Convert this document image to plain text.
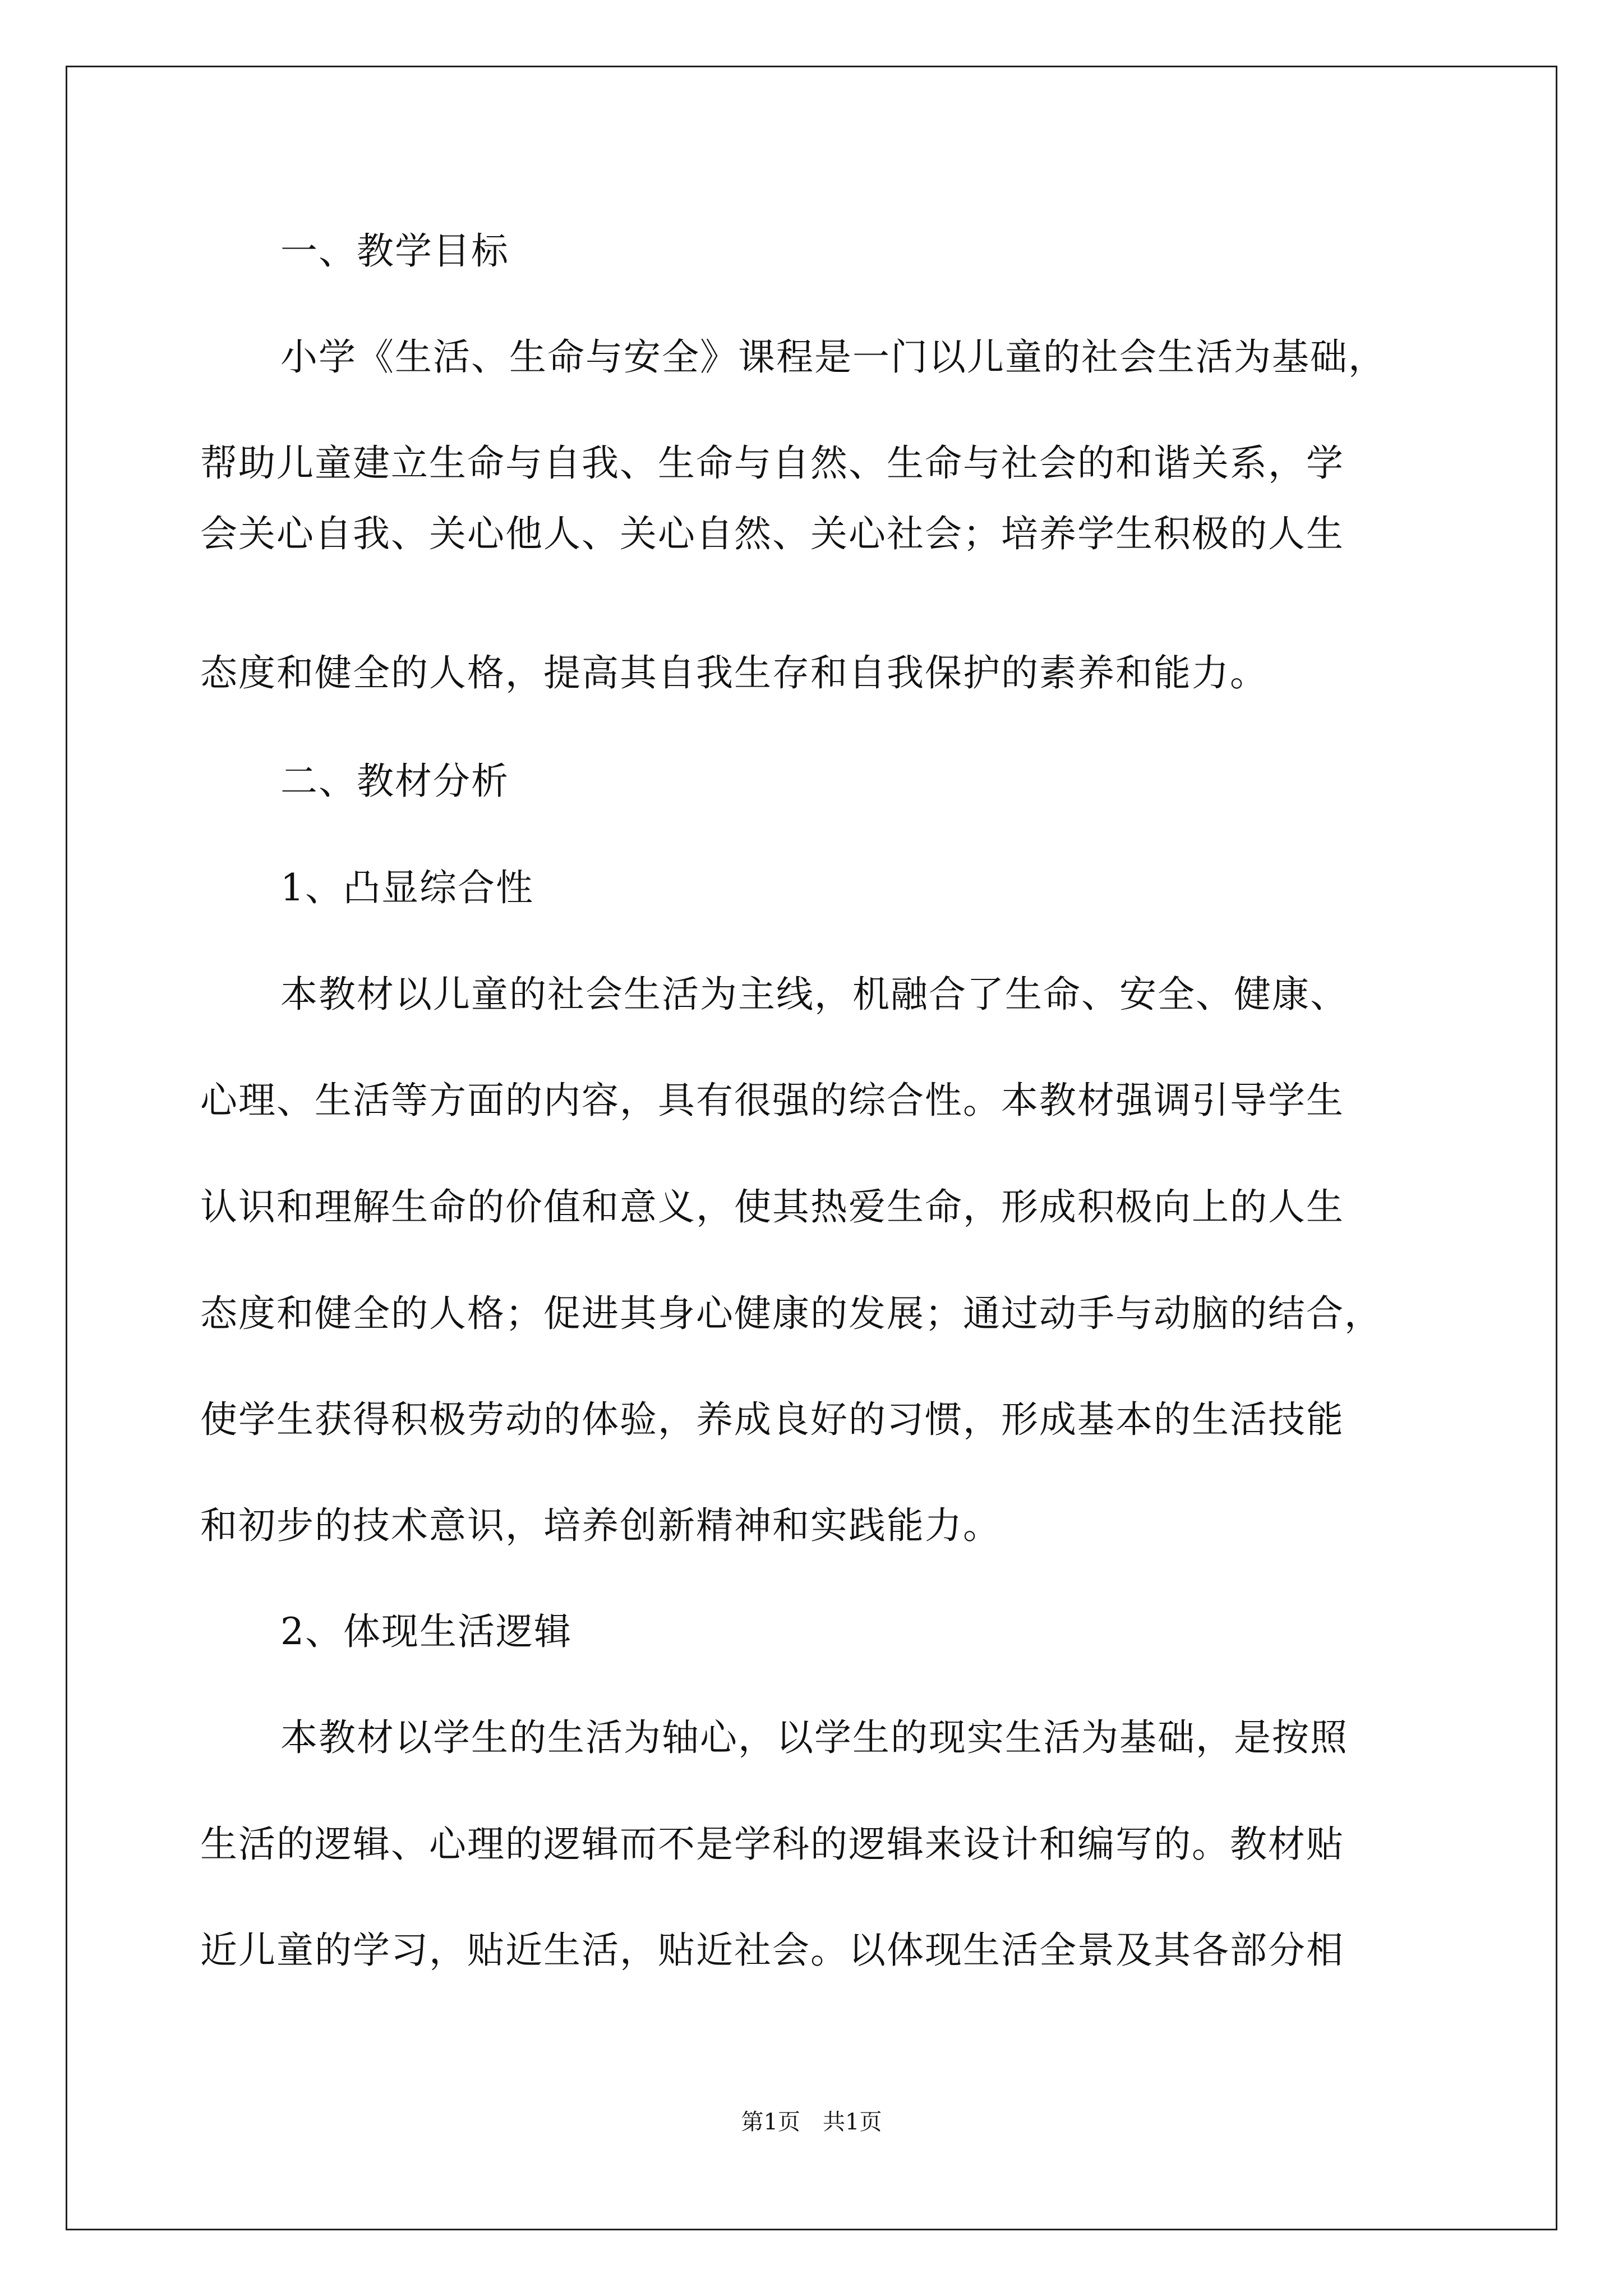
一、教学目标
小学《生活、生命与安全》课程是一门以儿童的社会生活为基础，
帮助儿童建立生命与自我、生命与自然、生命与社会的和谐关系，学
会关心自我、关心他人、关心自然、关心社会；培养学生积极的人生
态度和健全的人格，提高其自我生存和自我保护的素养和能力。
二、教材分析
1、凸显综合性
本教材以儿童的社会生活为主线，机融合了生命、安全、健康、
心理、生活等方面的内容，具有很强的综合性。本教材强调引导学生
认识和理解生命的价值和意义，使其热爱生命，形成积极向上的人生
态度和健全的人格；促进其身心健康的发展；通过动手与动脑的结合，
使学生获得积极劳动的体验，养成良好的习惯，形成基本的生活技能
和初步的技术意识，培养创新精神和实践能力。
2、体现生活逻辑
本教材以学生的生活为轴心，以学生的现实生活为基础，是按照
生活的逻辑、心理的逻辑而不是学科的逻辑来设计和编写的。教材贴
近儿童的学习，贴近生活，贴近社会。以体现生活全景及其各部分相
第1页　共1页
